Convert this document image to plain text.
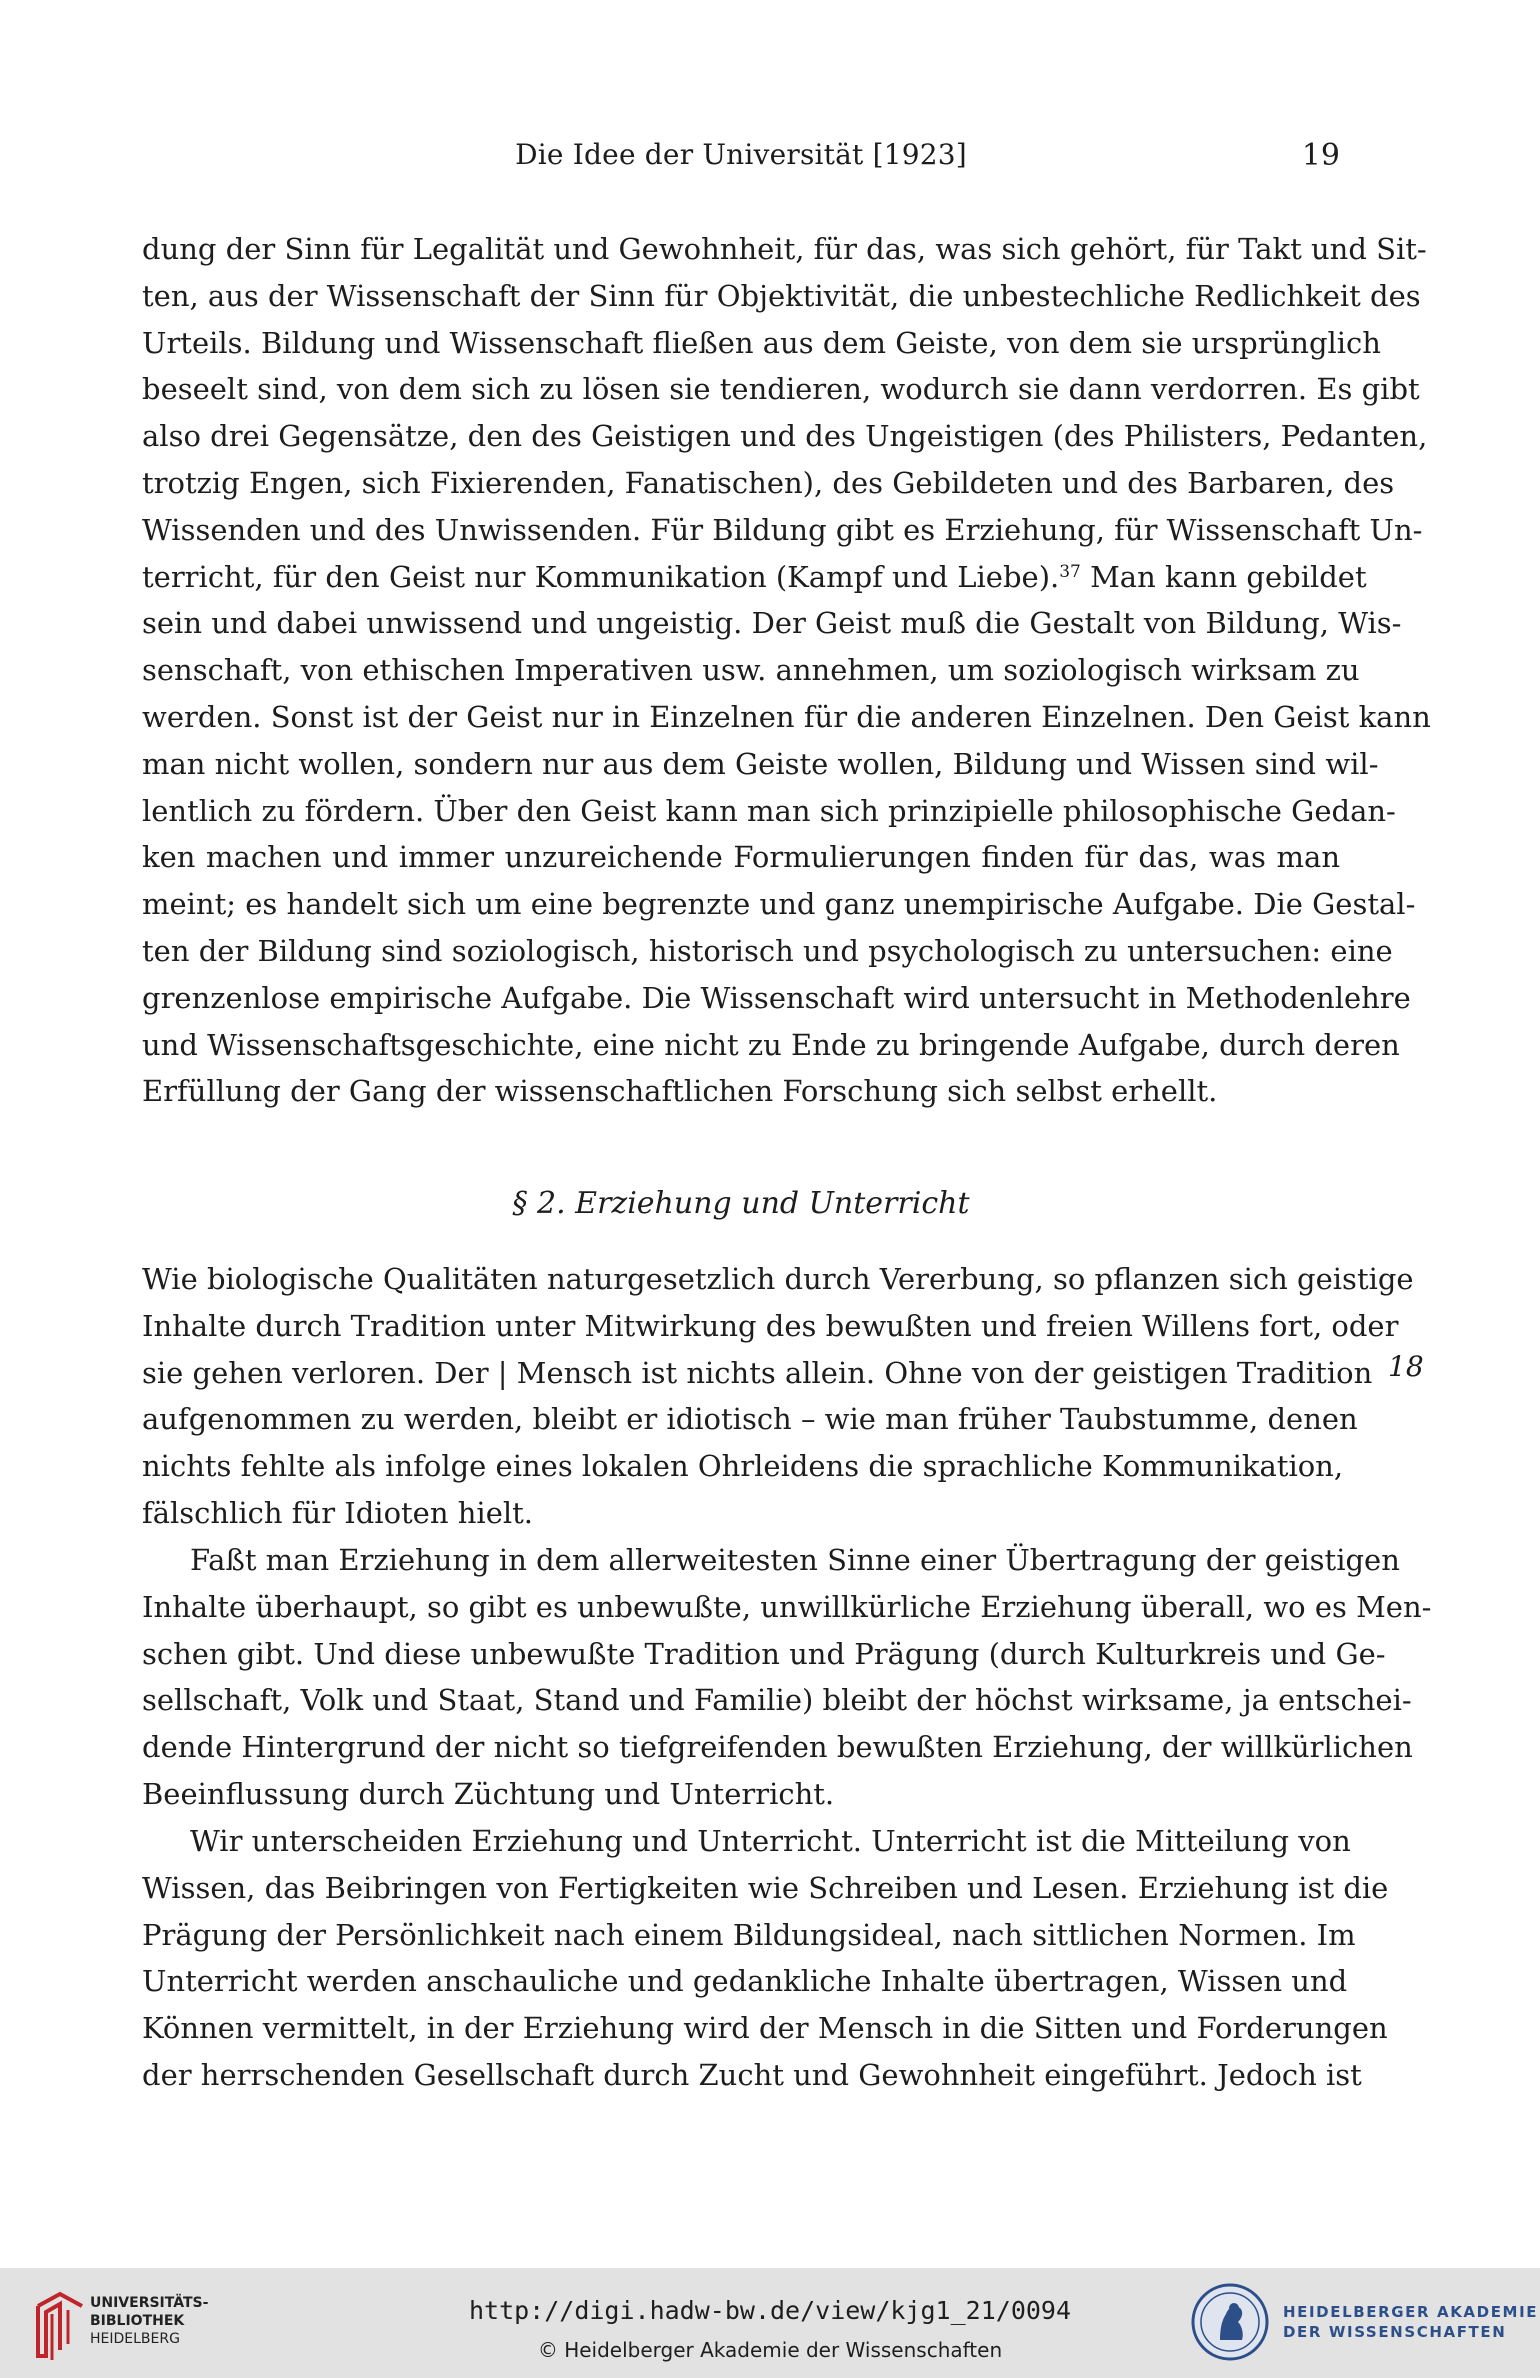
Die Idee der Universität [1923]	19
dung der Sinn für Legalität und Gewohnheit, für das, was sich gehört, für Takt und Sit-
ten, aus der Wissenschaft der Sinn für Objektivität, die unbestechliche Redlichkeit des
Urteils. Bildung und Wissenschaft fließen aus dem Geiste, von dem sie ursprünglich
beseelt sind, von dem sich zu lösen sie tendieren, wodurch sie dann verdorren. Es gibt
also drei Gegensätze, den des Geistigen und des Ungeistigen (des Philisters, Pedanten,
trotzig Engen, sich Fixierenden, Fanatischen), des Gebildeten und des Barbaren, des
Wissenden und des Unwissenden. Für Bildung gibt es Erziehung, für Wissenschaft Un-
terricht, für den Geist nur Kommunikation (Kampf und Liebe).$^{37}$ Man kann gebildet
sein und dabei unwissend und ungeistig. Der Geist muß die Gestalt von Bildung, Wis-
senschaft, von ethischen Imperativen usw. annehmen, um soziologisch wirksam zu
werden. Sonst ist der Geist nur in Einzelnen für die anderen Einzelnen. Den Geist kann
man nicht wollen, sondern nur aus dem Geiste wollen, Bildung und Wissen sind wil-
lentlich zu fördern. Über den Geist kann man sich prinzipielle philosophische Gedan-
ken machen und immer unzureichende Formulierungen finden für das, was man
meint; es handelt sich um eine begrenzte und ganz unempirische Aufgabe. Die Gestal-
ten der Bildung sind soziologisch, historisch und psychologisch zu untersuchen: eine
grenzenlose empirische Aufgabe. Die Wissenschaft wird untersucht in Methodenlehre
und Wissenschaftsgeschichte, eine nicht zu Ende zu bringende Aufgabe, durch deren
Erfüllung der Gang der wissenschaftlichen Forschung sich selbst erhellt.
§ 2. Erziehung und Unterricht
Wie biologische Qualitäten naturgesetzlich durch Vererbung, so pflanzen sich geistige
Inhalte durch Tradition unter Mitwirkung des bewußten und freien Willens fort, oder
sie gehen verloren. Der | Mensch ist nichts allein. Ohne von der geistigen Tradition
aufgenommen zu werden, bleibt er idiotisch – wie man früher Taubstumme, denen
nichts fehlte als infolge eines lokalen Ohrleidens die sprachliche Kommunikation,
fälschlich für Idioten hielt.
18
Faßt man Erziehung in dem allerweitesten Sinne einer Übertragung der geistigen
Inhalte überhaupt, so gibt es unbewußte, unwillkürliche Erziehung überall, wo es Men-
schen gibt. Und diese unbewußte Tradition und Prägung (durch Kulturkreis und Ge-
sellschaft, Volk und Staat, Stand und Familie) bleibt der höchst wirksame, ja entschei-
dende Hintergrund der nicht so tiefgreifenden bewußten Erziehung, der willkürlichen
Beeinflussung durch Züchtung und Unterricht.
Wir unterscheiden Erziehung und Unterricht. Unterricht ist die Mitteilung von
Wissen, das Beibringen von Fertigkeiten wie Schreiben und Lesen. Erziehung ist die
Prägung der Persönlichkeit nach einem Bildungsideal, nach sittlichen Normen. Im
Unterricht werden anschauliche und gedankliche Inhalte übertragen, Wissen und
Können vermittelt, in der Erziehung wird der Mensch in die Sitten und Forderungen
der herrschenden Gesellschaft durch Zucht und Gewohnheit eingeführt. Jedoch ist
UNIVERSITÄTS-
BIBLIOTHEK
HEIDELBERG
http://digi.hadw-bw.de/view/kjg1_21/0094
© Heidelberger Akademie der Wissenschaften
HEIDELBERGER AKADEMIE
DER WISSENSCHAFTEN
